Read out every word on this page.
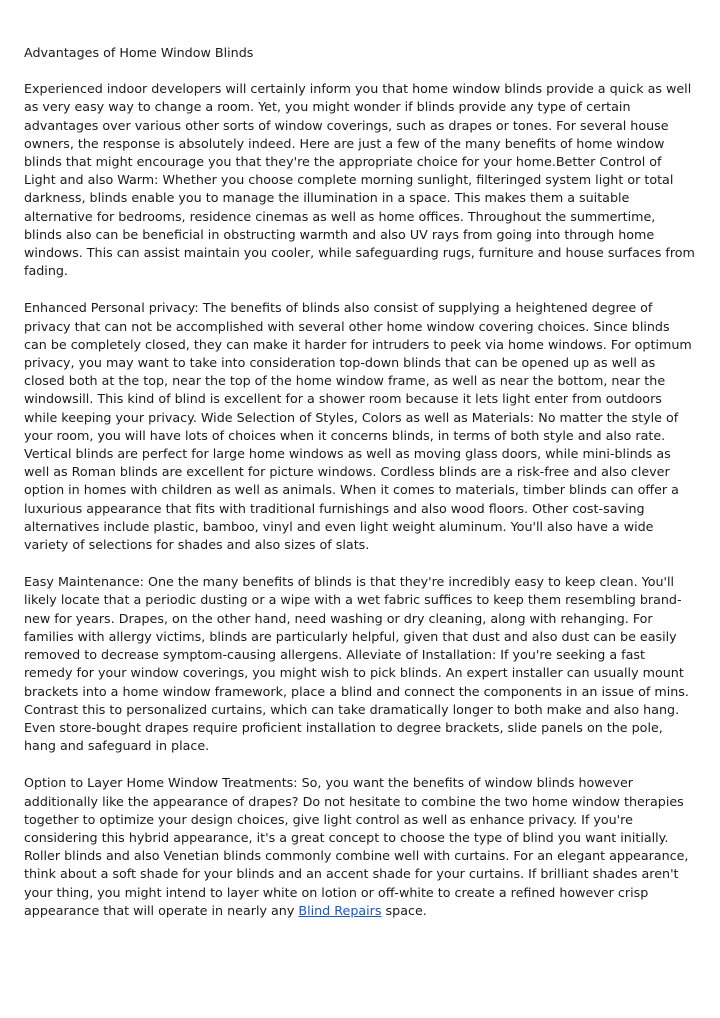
Advantages of Home Window Blinds

Experienced indoor developers will certainly inform you that home window blinds provide a quick as well as very easy way to change a room. Yet, you might wonder if blinds provide any type of certain advantages over various other sorts of window coverings, such as drapes or tones. For several house owners, the response is absolutely indeed. Here are just a few of the many benefits of home window blinds that might encourage you that they're the appropriate choice for your home.Better Control of Light and also Warm: Whether you choose complete morning sunlight, filteringed system light or total darkness, blinds enable you to manage the illumination in a space. This makes them a suitable alternative for bedrooms, residence cinemas as well as home offices. Throughout the summertime, blinds also can be beneficial in obstructing warmth and also UV rays from going into through home windows. This can assist maintain you cooler, while safeguarding rugs, furniture and house surfaces from fading.

Enhanced Personal privacy: The benefits of blinds also consist of supplying a heightened degree of privacy that can not be accomplished with several other home window covering choices. Since blinds can be completely closed, they can make it harder for intruders to peek via home windows. For optimum privacy, you may want to take into consideration top-down blinds that can be opened up as well as closed both at the top, near the top of the home window frame, as well as near the bottom, near the windowsill. This kind of blind is excellent for a shower room because it lets light enter from outdoors while keeping your privacy. Wide Selection of Styles, Colors as well as Materials: No matter the style of your room, you will have lots of choices when it concerns blinds, in terms of both style and also rate. Vertical blinds are perfect for large home windows as well as moving glass doors, while mini-blinds as well as Roman blinds are excellent for picture windows. Cordless blinds are a risk-free and also clever option in homes with children as well as animals. When it comes to materials, timber blinds can offer a luxurious appearance that fits with traditional furnishings and also wood floors. Other cost-saving alternatives include plastic, bamboo, vinyl and even light weight aluminum. You'll also have a wide variety of selections for shades and also sizes of slats.

Easy Maintenance: One the many benefits of blinds is that they're incredibly easy to keep clean. You'll likely locate that a periodic dusting or a wipe with a wet fabric suffices to keep them resembling brand-new for years. Drapes, on the other hand, need washing or dry cleaning, along with rehanging. For families with allergy victims, blinds are particularly helpful, given that dust and also dust can be easily removed to decrease symptom-causing allergens. Alleviate of Installation: If you're seeking a fast remedy for your window coverings, you might wish to pick blinds. An expert installer can usually mount brackets into a home window framework, place a blind and connect the components in an issue of mins. Contrast this to personalized curtains, which can take dramatically longer to both make and also hang. Even store-bought drapes require proficient installation to degree brackets, slide panels on the pole, hang and safeguard in place.

Option to Layer Home Window Treatments: So, you want the benefits of window blinds however additionally like the appearance of drapes? Do not hesitate to combine the two home window therapies together to optimize your design choices, give light control as well as enhance privacy. If you're considering this hybrid appearance, it's a great concept to choose the type of blind you want initially. Roller blinds and also Venetian blinds commonly combine well with curtains. For an elegant appearance, think about a soft shade for your blinds and an accent shade for your curtains. If brilliant shades aren't your thing, you might intend to layer white on lotion or off-white to create a refined however crisp appearance that will operate in nearly any Blind Repairs space.
